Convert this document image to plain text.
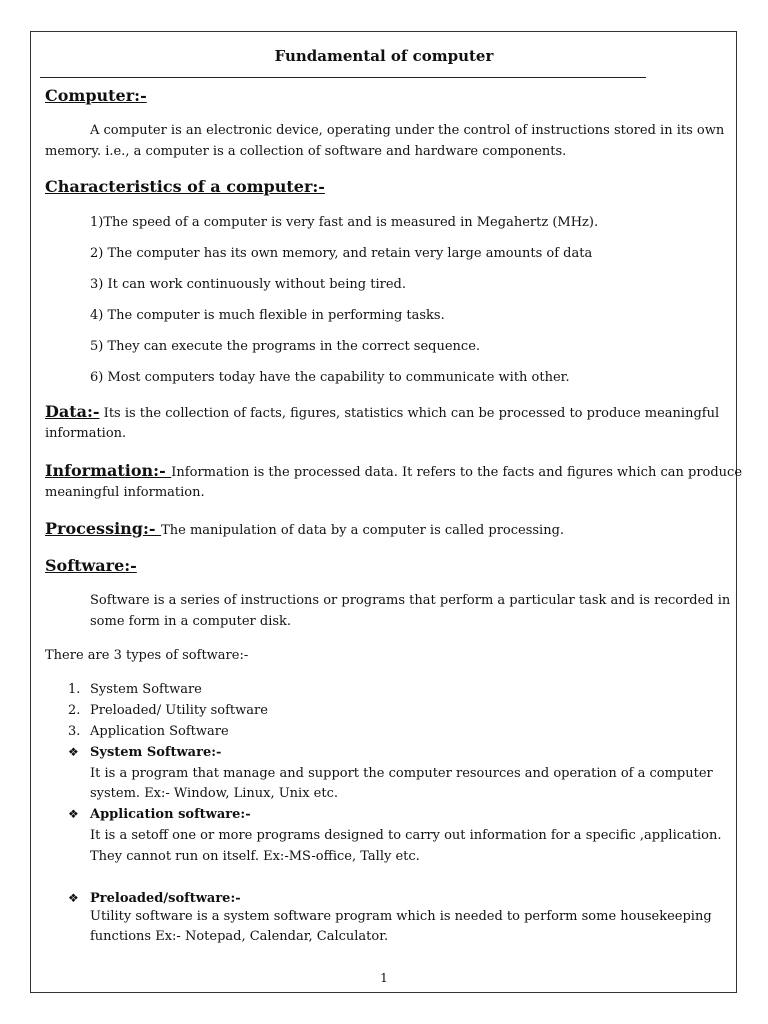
Fundamental of computer
Computer:-
A computer is an electronic device, operating under the control of instructions stored in its own
memory. i.e., a computer is a collection of software and hardware components.
Characteristics of a computer:-
1)The speed of a computer is very fast and is measured in Megahertz (MHz).
2) The computer has its own memory, and retain very large amounts of data
3) It can work continuously without being tired.
4) The computer is much flexible in performing tasks.
5) They can execute the programs in the correct sequence.
6) Most computers today have the capability to communicate with other.
Data:- Its is the collection of facts, figures, statistics which can be processed to produce meaningful
information.
Information:- Information is the processed data. It refers to the facts and figures which can produce
meaningful information.
Processing:- The manipulation of data by a computer is called processing.
Software:-
Software is a series of instructions or programs that perform a particular task and is recorded in
some form in a computer disk.
There are 3 types of software:-
1. System Software
2. Preloaded/ Utility software
3. Application Software
❖ System Software:-
It is a program that manage and support the computer resources and operation of a computer
system. Ex:- Window, Linux, Unix etc.
❖ Application software:-
It is a setoff one or more programs designed to carry out information for a specific ,application.
They cannot run on itself. Ex:-MS-office, Tally etc.
❖ Preloaded/software:-
Utility software is a system software program which is needed to perform some housekeeping
functions Ex:- Notepad, Calendar, Calculator.
1
